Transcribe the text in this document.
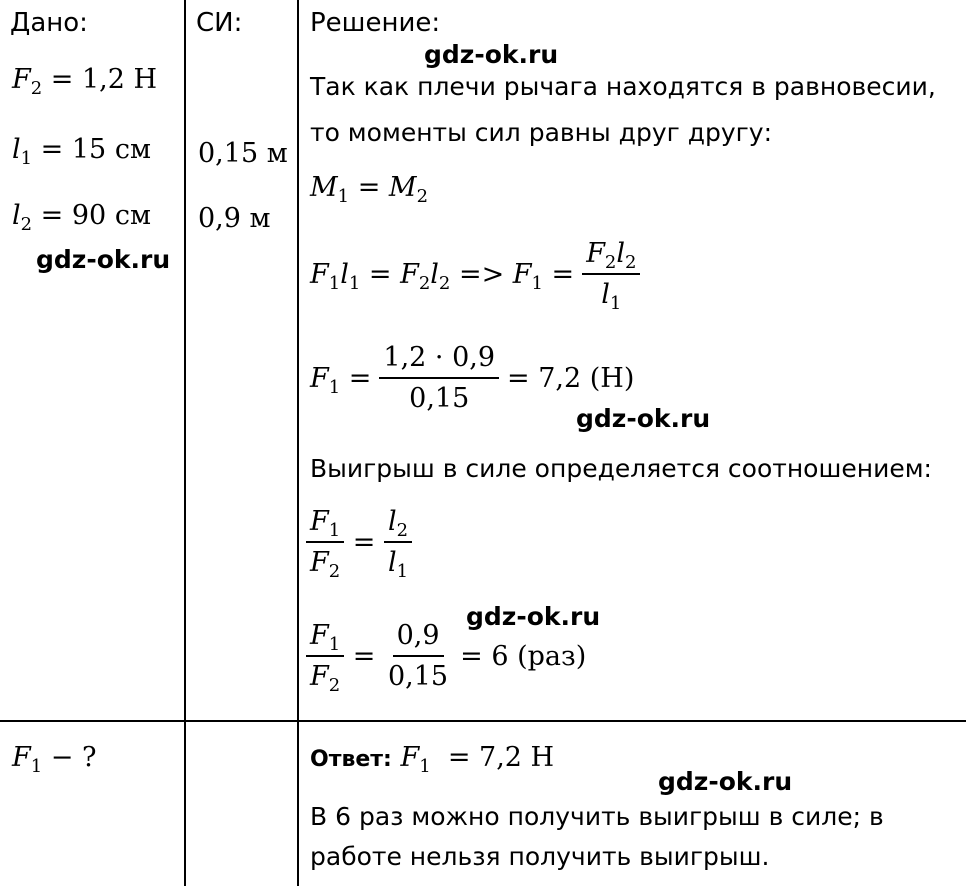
Дано:	СИ:	Решение:
$F_2 = 1,2$ Н
$l_1 = 15$ см
$l_2 = 90$ см
gdz-ok.ru
$F_1$ − ?
0,15 м
0,9 м
gdz-ok.ru
Так как плечи рычага находятся в равновесии,
то моменты сил равны друг другу:
$M_1 = M_2$
$F_1l_1 = F_2l_2 => F_1 = \frac{F_2l_2}{l_1}$
$F_1 = \frac{1,2 \cdot 0,9}{0,15} = 7,2$ (Н)
gdz-ok.ru
Выигрыш в силе определяется соотношением:
$\frac{F_1}{F_2} = \frac{l_2}{l_1}$
gdz-ok.ru
$\frac{F_1}{F_2} = \frac{0,9}{0,15} = 6$ (раз)
Ответ: $F_1 = 7,2$ Н
gdz-ok.ru
В 6 раз можно получить выигрыш в силе; в
работе нельзя получить выигрыш.
